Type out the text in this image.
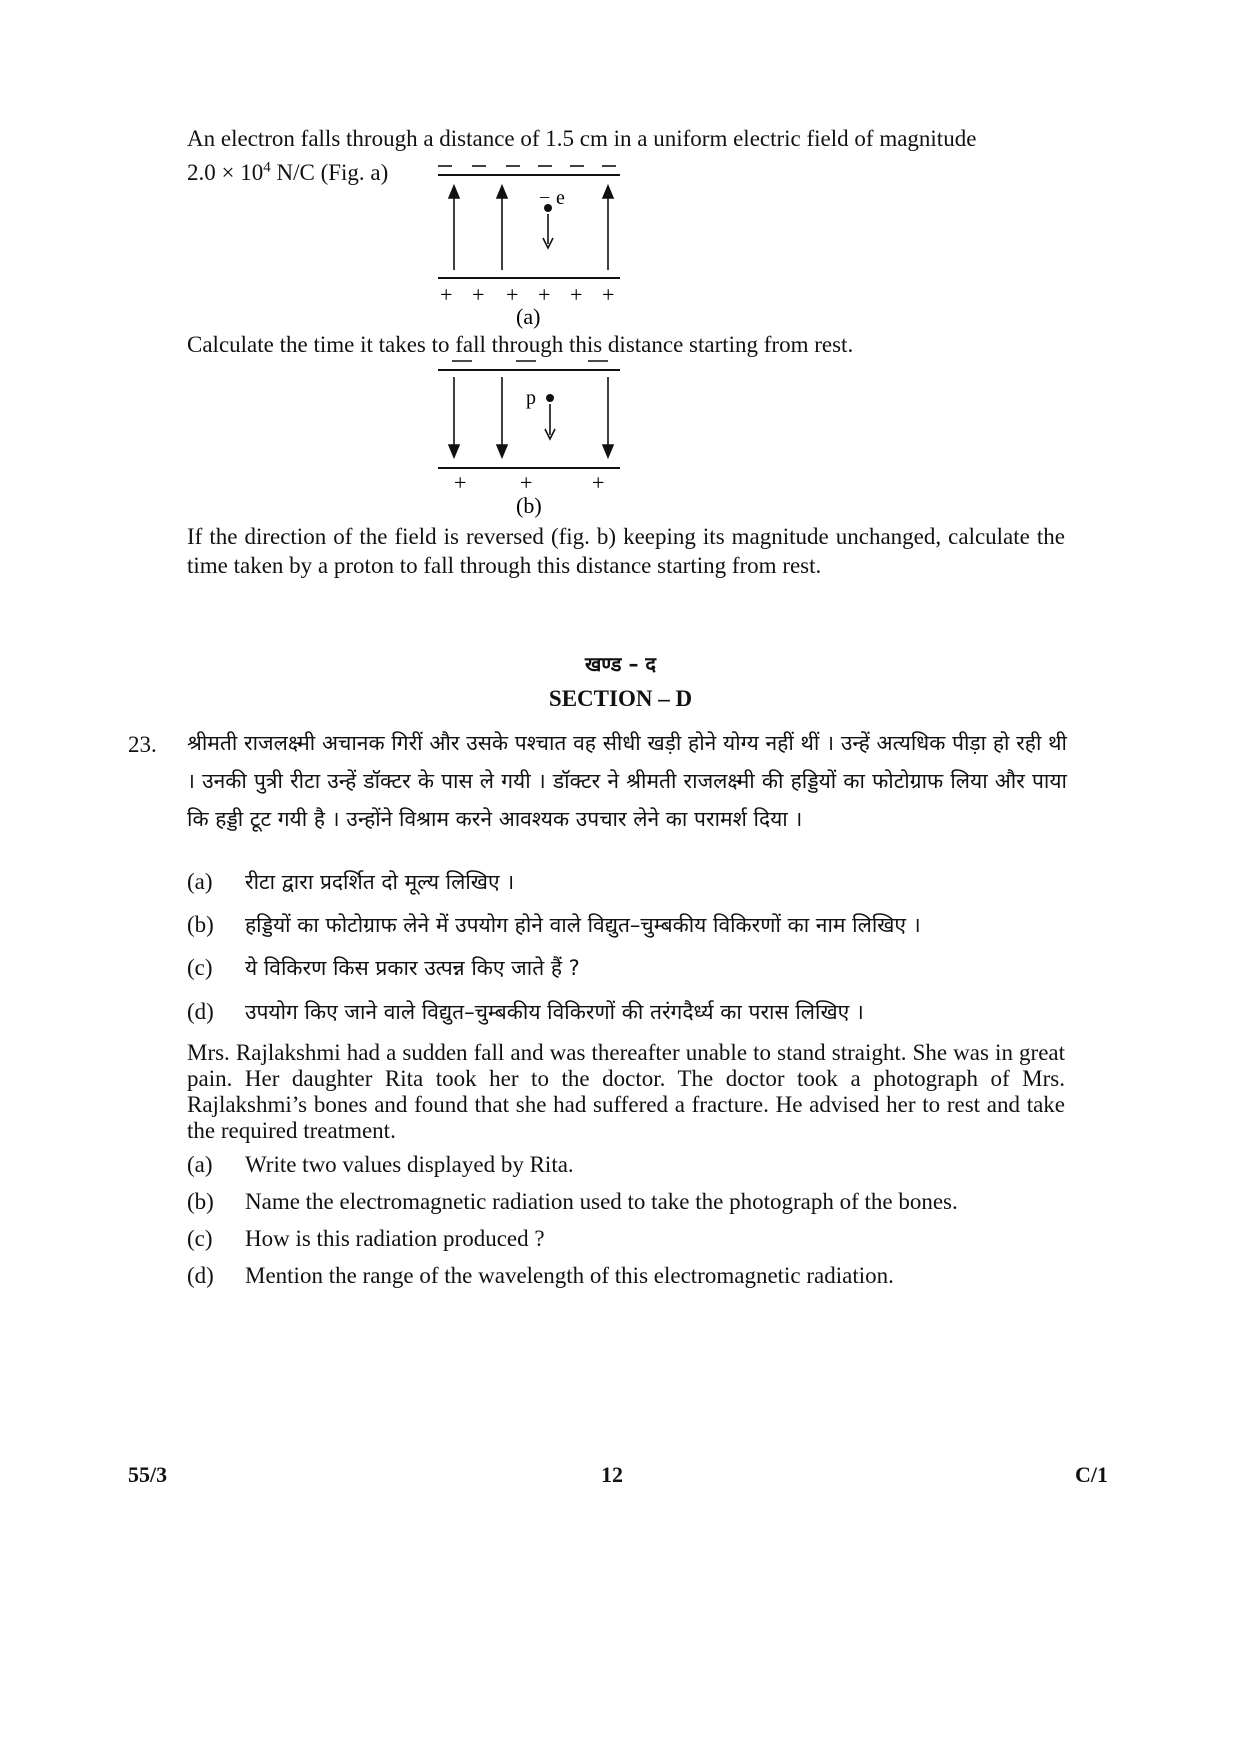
An electron falls through a distance of 1.5 cm in a uniform electric field of magnitude
$2.0 \times 10^4$ N/C (Fig. a)

– e
+ + + + + +
(a)

Calculate the time it takes to fall through this distance starting from rest.

p
+ +	+
(b)

If the direction of the field is reversed (fig. b) keeping its magnitude unchanged, calculate the time taken by a proton to fall through this distance starting from rest.

खण्ड – द
SECTION – D
23. श्रीमती राजलक्ष्मी अचानक गिरीं और उसके पश्चात वह सीधी खड़ी होने योग्य नहीं थीं । उन्हें अत्यधिक पीड़ा हो रही थी । उनकी पुत्री रीटा उन्हें डॉक्टर के पास ले गयी । डॉक्टर ने श्रीमती राजलक्ष्मी की हड्डियों का फोटोग्राफ लिया और पाया कि हड्डी टूट गयी है । उन्होंने विश्राम करने आवश्यक उपचार लेने का परामर्श दिया ।

(a) रीटा द्वारा प्रदर्शित दो मूल्य लिखिए ।
(b) हड्डियों का फोटोग्राफ लेने में उपयोग होने वाले विद्युत–चुम्बकीय विकिरणों का नाम लिखिए ।
(c) ये विकिरण किस प्रकार उत्पन्न किए जाते हैं ?
(d) उपयोग किए जाने वाले विद्युत–चुम्बकीय विकिरणों की तरंगदैर्ध्य का परास लिखिए ।

Mrs. Rajlakshmi had a sudden fall and was thereafter unable to stand straight. She was in great pain. Her daughter Rita took her to the doctor. The doctor took a photograph of Mrs. Rajlakshmi’s bones and found that she had suffered a fracture. He advised her to rest and take the required treatment.

(a) Write two values displayed by Rita.
(b) Name the electromagnetic radiation used to take the photograph of the bones.
(c) How is this radiation produced ?
(d) Mention the range of the wavelength of this electromagnetic radiation.
55/3	12	C/1
